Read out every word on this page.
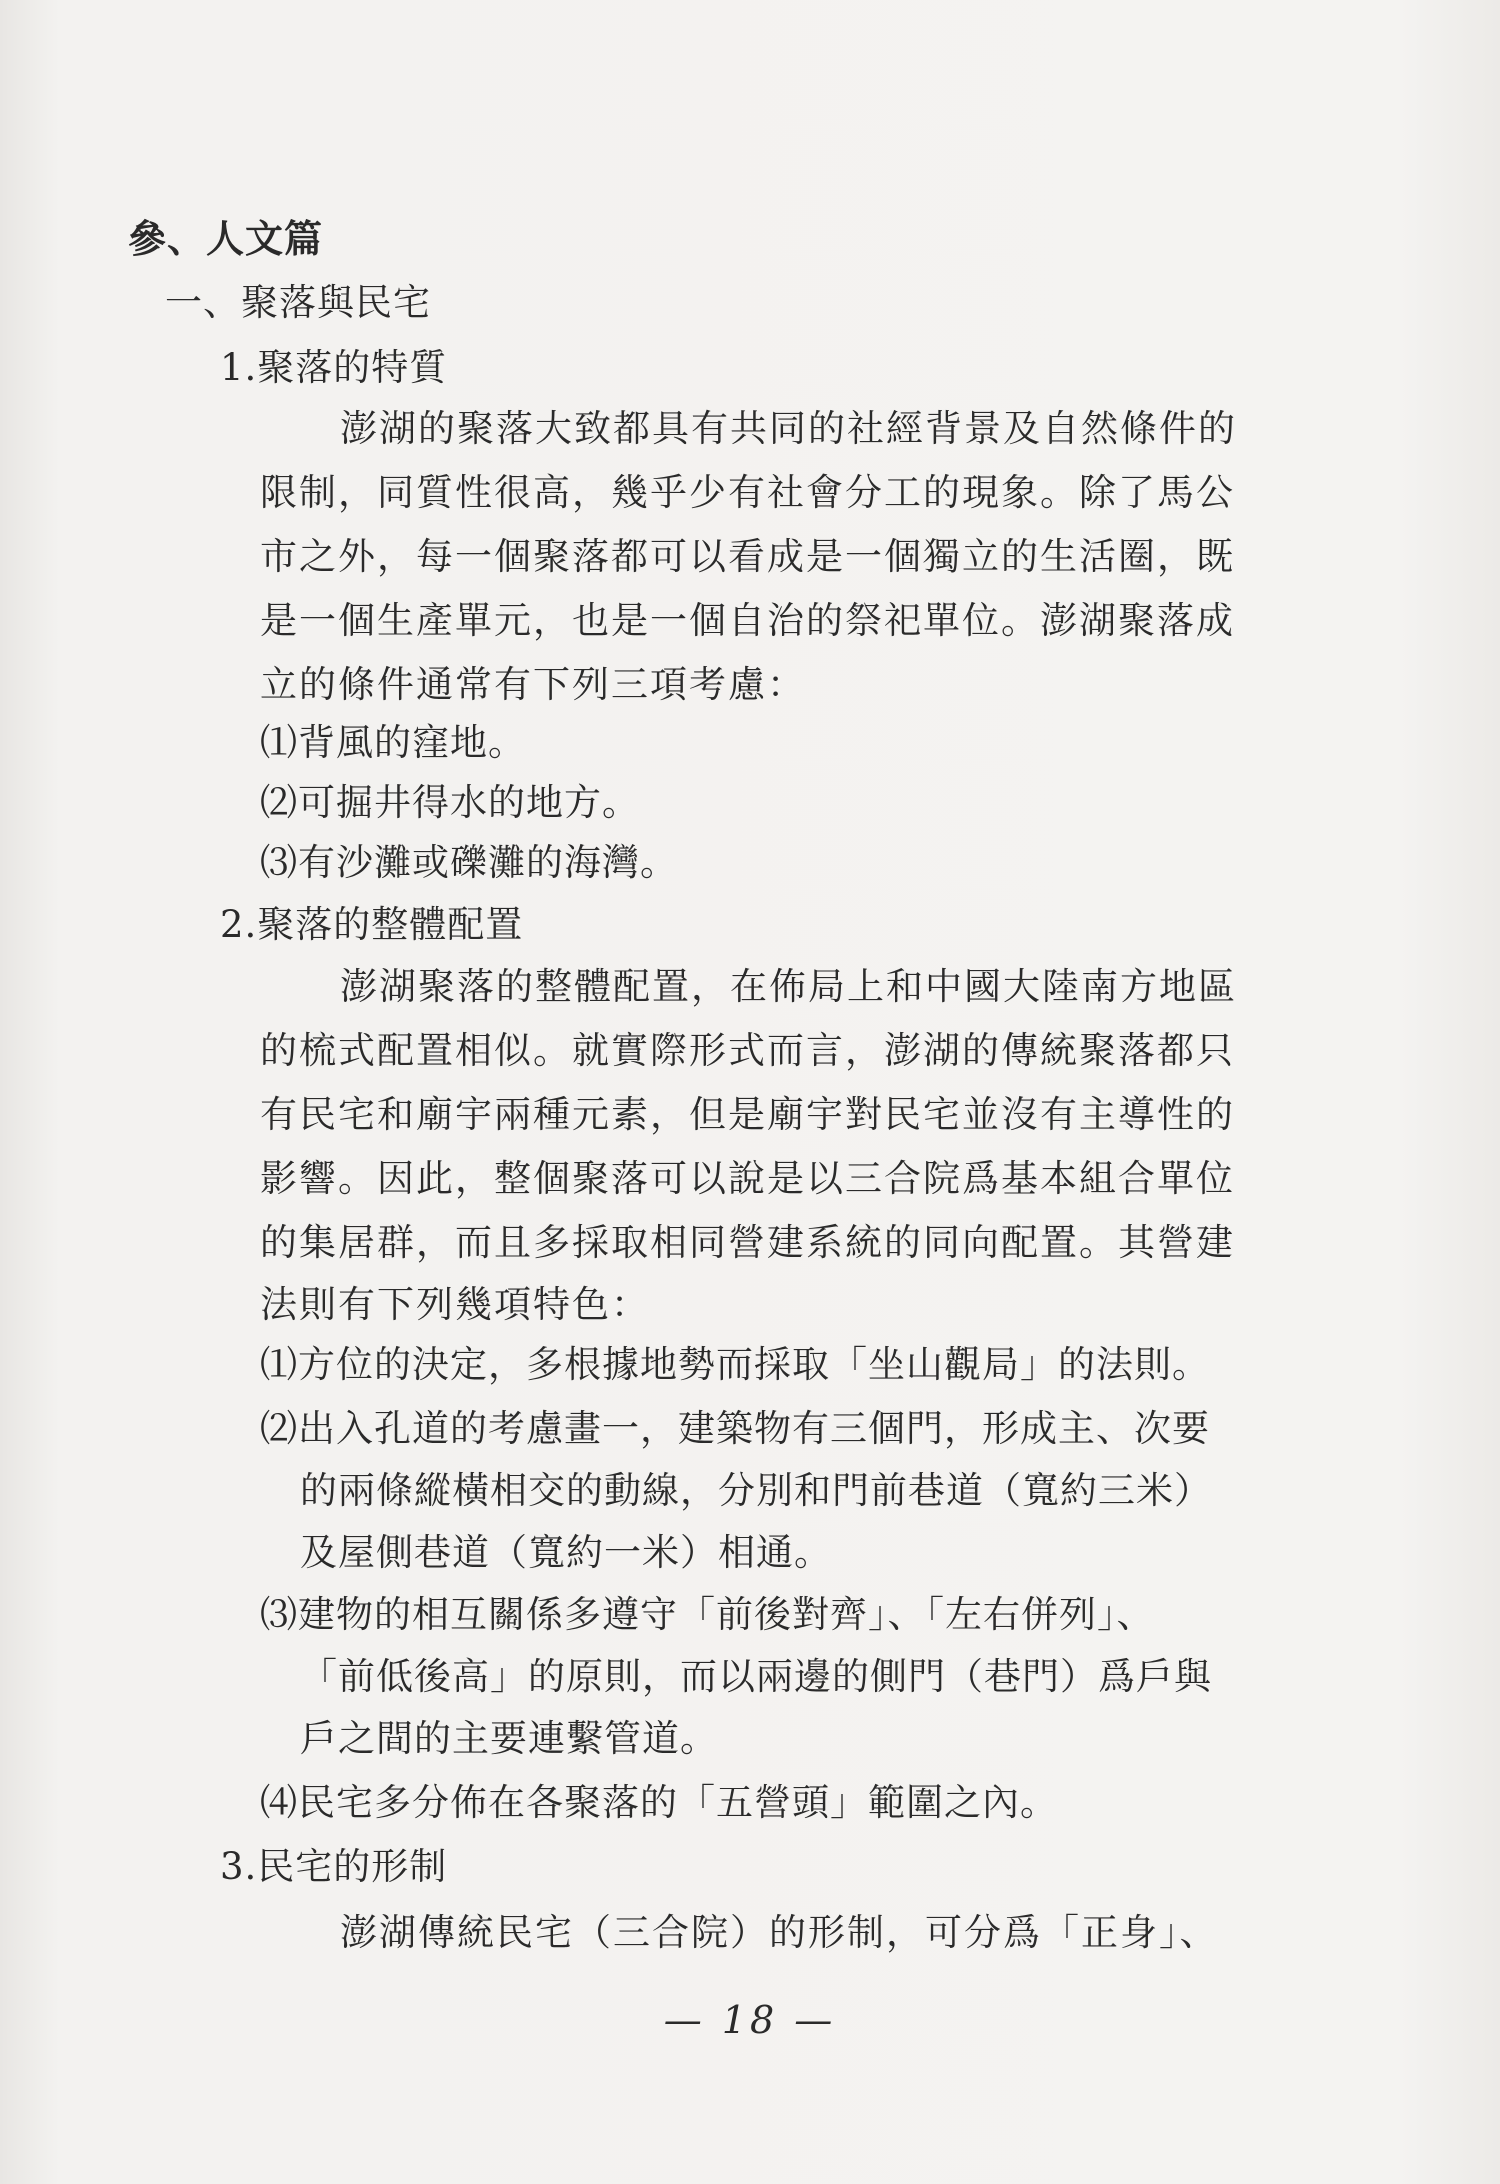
參、人文篇
一、聚落與民宅
1.聚落的特質
澎湖的聚落大致都具有共同的社經背景及自然條件的
限制，同質性很高，幾乎少有社會分工的現象。除了馬公
市之外，每一個聚落都可以看成是一個獨立的生活圈，既
是一個生產單元，也是一個自治的祭祀單位。澎湖聚落成
立的條件通常有下列三項考慮：
⑴背風的窪地。
⑵可掘井得水的地方。
⑶有沙灘或礫灘的海灣。
2.聚落的整體配置
澎湖聚落的整體配置，在佈局上和中國大陸南方地區
的梳式配置相似。就實際形式而言，澎湖的傳統聚落都只
有民宅和廟宇兩種元素，但是廟宇對民宅並沒有主導性的
影響。因此，整個聚落可以說是以三合院爲基本組合單位
的集居群，而且多採取相同營建系統的同向配置。其營建
法則有下列幾項特色：
⑴方位的決定，多根據地勢而採取「坐山觀局」的法則。
⑵出入孔道的考慮畫一，建築物有三個門，形成主、次要
的兩條縱橫相交的動線，分別和門前巷道（寬約三米）
及屋側巷道（寬約一米）相通。
⑶建物的相互關係多遵守「前後對齊」、「左右併列」、
「前低後高」的原則，而以兩邊的側門（巷門）爲戶與
戶之間的主要連繫管道。
⑷民宅多分佈在各聚落的「五營頭」範圍之內。
3.民宅的形制
澎湖傳統民宅（三合院）的形制，可分爲「正身」、
— 18 —
